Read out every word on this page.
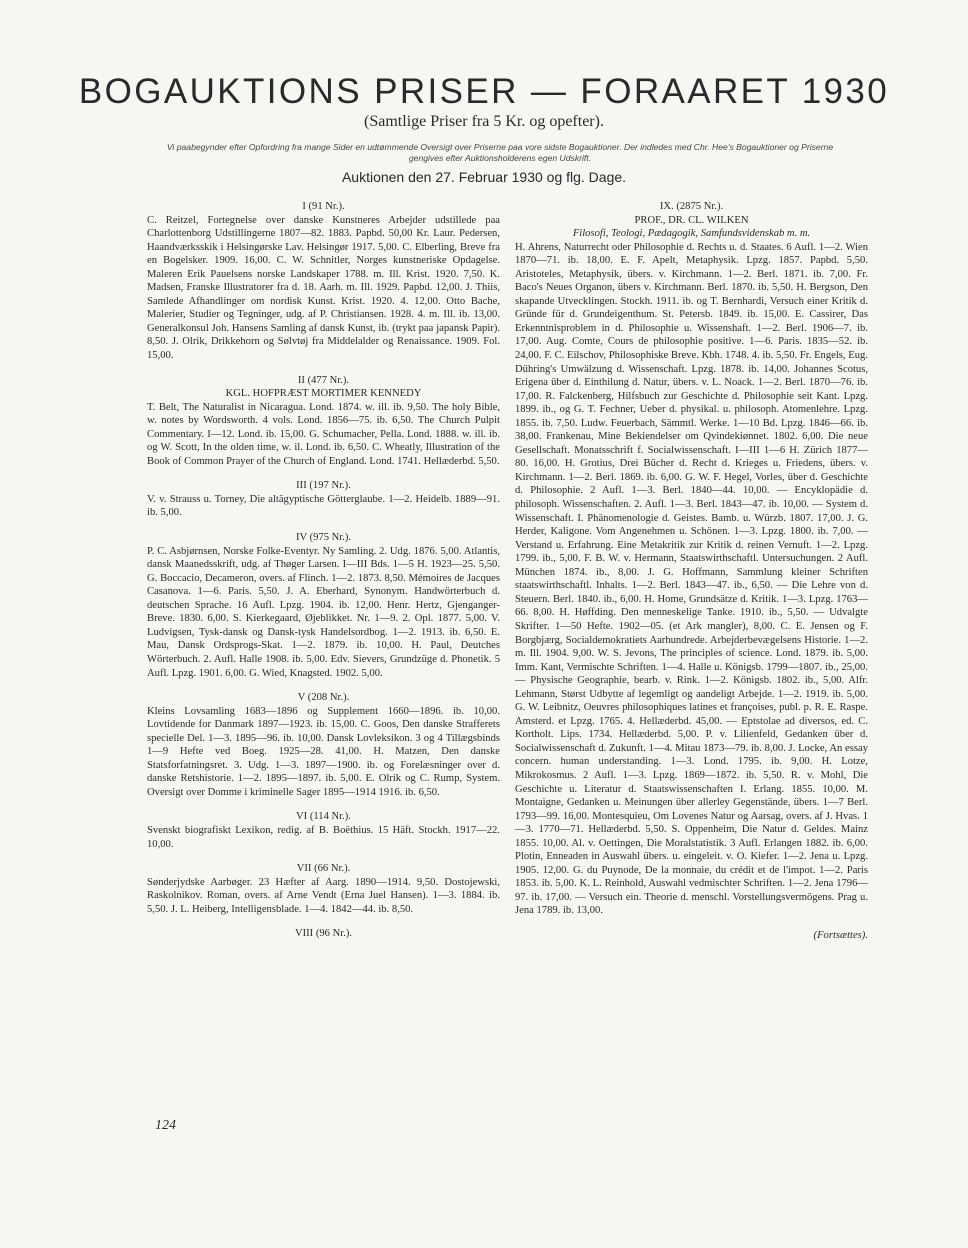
BOGAUKTIONS PRISER — FORAARET 1930
(Samtlige Priser fra 5 Kr. og opefter).
Vi paabegynder efter Opfordring fra mange Sider en udtømmende Oversigt over Priserne paa vore sidste Bogauktioner. Der indledes med Chr. Hee's Bogauktioner og Priserne gengives efter Auktionsholderens egen Udskrift.
Auktionen den 27. Februar 1930 og flg. Dage.

I (91 Nr.).

C. Reitzel, Fortegnelse over danske Kunstneres Arbejder udstillede paa Charlottenborg Udstillingerne 1807—82. 1883. Papbd. 50,00 Kr. Laur. Pedersen, Haandværksskik i Helsingørske Lav. Helsingør 1917. 5,00. C. Elberling, Breve fra en Bogelsker. 1909. 16,00. C. W. Schnitler, Norges kunstneriske Opdagelse. Maleren Erik Pauelsens norske Landskaper 1788. m. Ill. Krist. 1920. 7,50. K. Madsen, Franske Illustratorer fra d. 18. Aarh. m. Ill. 1929. Papbd. 12,00. J. Thiis, Samlede Afhandlinger om nordisk Kunst. Krist. 1920. 4. 12,00. Otto Bache, Malerier, Studier og Tegninger, udg. af P. Christiansen. 1928. 4. m. Ill. ib. 13,00. Generalkonsul Joh. Hansens Samling af dansk Kunst, ib. (trykt paa japansk Papir). 8,50. J. Olrik, Drikkehorn og Sølvtøj fra Middelalder og Renaissance. 1909. Fol. 15,00.

II (477 Nr.).

KGL. HOFPRÆST MORTIMER KENNEDY

T. Belt, The Naturalist in Nicaragua. Lond. 1874. w. ill. ib. 9,50. The holy Bible, w. notes by Wordsworth. 4 vols. Lond. 1856—75. ib. 6,50. The Church Pulpit Commentary. I—12. Lond. ib. 15,00. G. Schumacher, Pella. Lond. 1888. w. ill. ib. og W. Scott, In the olden time, w. il. Lond. ib. 6,50. C. Wheatly, Illustration of the Book of Common Prayer of the Church of England. Lond. 1741. Hellæderbd. 5,50.

III (197 Nr.).

V. v. Strauss u. Torney, Die altägyptische Götterglaube. 1—2. Heidelb. 1889—91. ib. 5,00.

IV (975 Nr.).

P. C. Asbjørnsen, Norske Folke-Eventyr. Ny Samling. 2. Udg. 1876. 5,00. Atlantis, dansk Maanedsskrift, udg. af Thøger Larsen. I—III Bds. 1—5 H. 1923—25. 5,50. G. Boccacio, Decameron, overs. af Flinch. 1—2. 1873. 8,50. Mémoires de Jacques Casanova. 1—6. Paris. 5,50. J. A. Eberhard, Synonym. Handwörterbuch d. deutschen Sprache. 16 Aufl. Lpzg. 1904. ib. 12,00. Henr. Hertz, Gjenganger-Breve. 1830. 6,00. S. Kierkegaard, Øjeblikket. Nr. 1—9. 2. Opl. 1877. 5,00. V. Ludvigsen, Tysk-dansk og Dansk-tysk Handelsordbog. 1—2. 1913. ib. 6,50. E. Mau, Dansk Ordsprogs-Skat. 1—2. 1879. ib. 10,00. H. Paul, Deutches Wörterbuch. 2. Aufl. Halle 1908. ib. 5,00. Edv. Sievers, Grundzüge d. Phonetik. 5 Aufl. Lpzg. 1901. 6,00. G. Wied, Knagsted. 1902. 5,00.

V (208 Nr.).

Kleins Lovsamling 1683—1896 og Supplement 1660—1896. ib. 10,00. Lovtidende for Danmark 1897—1923. ib. 15,00. C. Goos, Den danske Strafferets specielle Del. 1—3. 1895—96. ib. 10,00. Dansk Lovleksikon. 3 og 4 Tillægsbinds 1—9 Hefte ved Boeg. 1925—28. 41,00. H. Matzen, Den danske Statsforfatningsret. 3. Udg. 1—3. 1897—1900. ib. og Forelæsninger over d. danske Retshistorie. 1—2. 1895—1897. ib. 5,00. E. Olrik og C. Rump, System. Oversigt over Domme i kriminelle Sager 1895—1914 1916. ib. 6,50.

VI (114 Nr.).

Svenskt biografiskt Lexikon, redig. af B. Boëthius. 15 Häft. Stockh. 1917—22. 10,00.

VII (66 Nr.).

Sønderjydske Aarbøger. 23 Hæfter af Aarg. 1890—1914. 9,50. Dostojewski, Raskolnikov. Roman, overs. af Arne Vendt (Erna Juel Hansen). 1—3. 1884. ib. 5,50. J. L. Heiberg, Intelligensblade. 1—4. 1842—44. ib. 8,50.

VIII (96 Nr.).

IX. (2875 Nr.).

PROF., DR. CL. WILKEN

Filosofi, Teologi, Pædagogik, Samfundsvidenskab m. m.

H. Ahrens, Naturrecht oder Philosophie d. Rechts u. d. Staates. 6 Aufl. 1—2. Wien 1870—71. ib. 18,00. E. F. Apelt, Metaphysik. Lpzg. 1857. Papbd. 5,50. Aristoteles, Metaphysik, übers. v. Kirchmann. 1—2. Berl. 1871. ib. 7,00. Fr. Baco's Neues Organon, übers v. Kirchmann. Berl. 1870. ib. 5,50. H. Bergson, Den skapande Utvecklingen. Stockh. 1911. ib. og T. Bernhardi, Versuch einer Kritik d. Gründe für d. Grundeigenthum. St. Petersb. 1849. ib. 15,00. E. Cassirer, Das Erkenntnisproblem in d. Philosophie u. Wissenshaft. 1—2. Berl. 1906—7. ib. 17,00. Aug. Comte, Cours de philosophie positive. 1—6. Paris. 1835—52. ib. 24,00. F. C. Eilschov, Philosophiske Breve. Kbh. 1748. 4. ib. 5,50. Fr. Engels, Eug. Dühring's Umwälzung d. Wissenschaft. Lpzg. 1878. ib. 14,00. Johannes Scotus, Erigena über d. Einthilung d. Natur, übers. v. L. Noack. 1—2. Berl. 1870—76. ib. 17,00. R. Falckenberg, Hilfsbuch zur Geschichte d. Philosophie seit Kant. Lpzg. 1899. ib., og G. T. Fechner, Ueber d. physikal. u. philosoph. Atomenlehre. Lpzg. 1855. ib. 7,50. Ludw. Feuerbach, Sämmtl. Werke. 1—10 Bd. Lpzg. 1846—66. ib. 38,00. Frankenau, Mine Bekiendelser om Qvindekiønnet. 1802. 6,00. Die neue Gesellschaft. Monatsschrift f. Socialwissenschaft. I—III 1—6 H. Zürich 1877—80. 16,00. H. Grotius, Drei Bücher d. Recht d. Krieges u. Friedens, übers. v. Kirchmann. 1—2. Berl. 1869. ib. 6,00. G. W. F. Hegel, Vorles, über d. Geschichte d. Philosophie. 2 Aufl. 1—3. Berl. 1840—44. 10,00. — Encyklopädie d. philosoph. Wissenschaften. 2. Aufl. 1—3. Berl. 1843—47. ib. 10,00. — System d. Wissenschaft. I. Phänomenologie d. Geistes. Bamb. u. Würzb. 1807. 17,00. J. G. Herder, Kaligone. Vom Angenehmen u. Schönen. 1—3. Lpzg. 1800. ib. 7,00. — Verstand u. Erfahrung. Eine Metakritik zur Kritik d. reinen Vernuft. 1—2. Lpzg. 1799. ib., 5,00. F. B. W. v. Hermann, Staatswirthschaftl. Untersuchungen. 2 Aufl. München 1874. ib., 8,00. J. G. Hoffmann, Sammlung kleiner Schriften staatswirthschaftl. Inhalts. 1—2. Berl. 1843—47. ib., 6,50. — Die Lehre von d. Steuern. Berl. 1840. ib., 6,00. H. Home, Grundsätze d. Kritik. 1—3. Lpzg. 1763—66. 8,00. H. Høffding. Den menneskelige Tanke. 1910. ib., 5,50. — Udvalgte Skrifter. 1—50 Hefte. 1902—05. (et Ark mangler), 8,00. C. E. Jensen og F. Borgbjærg, Socialdemokratiets Aarhundrede. Arbejderbevægelsens Historie. 1—2. m. Ill. 1904. 9,00. W. S. Jevons, The principles of science. Lond. 1879. ib. 5,00. Imm. Kant, Vermischte Schriften. 1—4. Halle u. Königsb. 1799—1807. ib., 25,00. — Physische Geographie, bearb. v. Rink. 1—2. Königsb. 1802. ib., 5,00. Alfr. Lehmann, Størst Udbytte af legemligt og aandeligt Arbejde. 1—2. 1919. ib. 5,00. G. W. Leibnitz, Oeuvres philosophiques latines et françoises, publ. p. R. E. Raspe. Amsterd. et Lpzg. 1765. 4. Hellæderbd. 45,00. — Eptstolae ad diversos, ed. C. Kortholt. Lips. 1734. Hellæderbd. 5,00. P. v. Lilienfeld, Gedanken über d. Socialwissenschaft d. Zukunft. 1—4. Mitau 1873—79. ib. 8,00. J. Locke, An essay concern. human understanding. 1—3. Lond. 1795. ib. 9,00. H. Lotze, Mikrokosmus. 2 Aufl. 1—3. Lpzg. 1869—1872. ib. 5,50. R. v. Mohl, Die Geschichte u. Literatur d. Staatswissenschaften I. Erlang. 1855. 10,00. M. Montaigne, Gedanken u. Meinungen über allerley Gegenstände, übers. 1—7 Berl. 1793—99. 16,00. Montesquieu, Om Lovenes Natur og Aarsag, overs. af J. Hvas. 1—3. 1770—71. Hellæderbd. 5,50. S. Oppenheim, Die Natur d. Geldes. Mainz 1855. 10,00. Al. v. Oettingen, Die Moralstatistik. 3 Aufl. Erlangen 1882. ib. 6,00. Plotin, Enneaden in Auswahl übers. u. eingeleit. v. O. Kiefer. 1—2. Jena u. Lpzg. 1905. 12,00. G. du Puynode, De la monnaie, du crédit et de l'impot. 1—2. Paris 1853. ib. 5,00. K. L. Reinhold, Auswahl vedmischter Schriften. 1—2. Jena 1796—97. ib. 17,00. — Versuch ein. Theorie d. menschl. Vorstellungsvermögens. Prag u. Jena 1789. ib. 13,00.

(Fortsættes).

124
